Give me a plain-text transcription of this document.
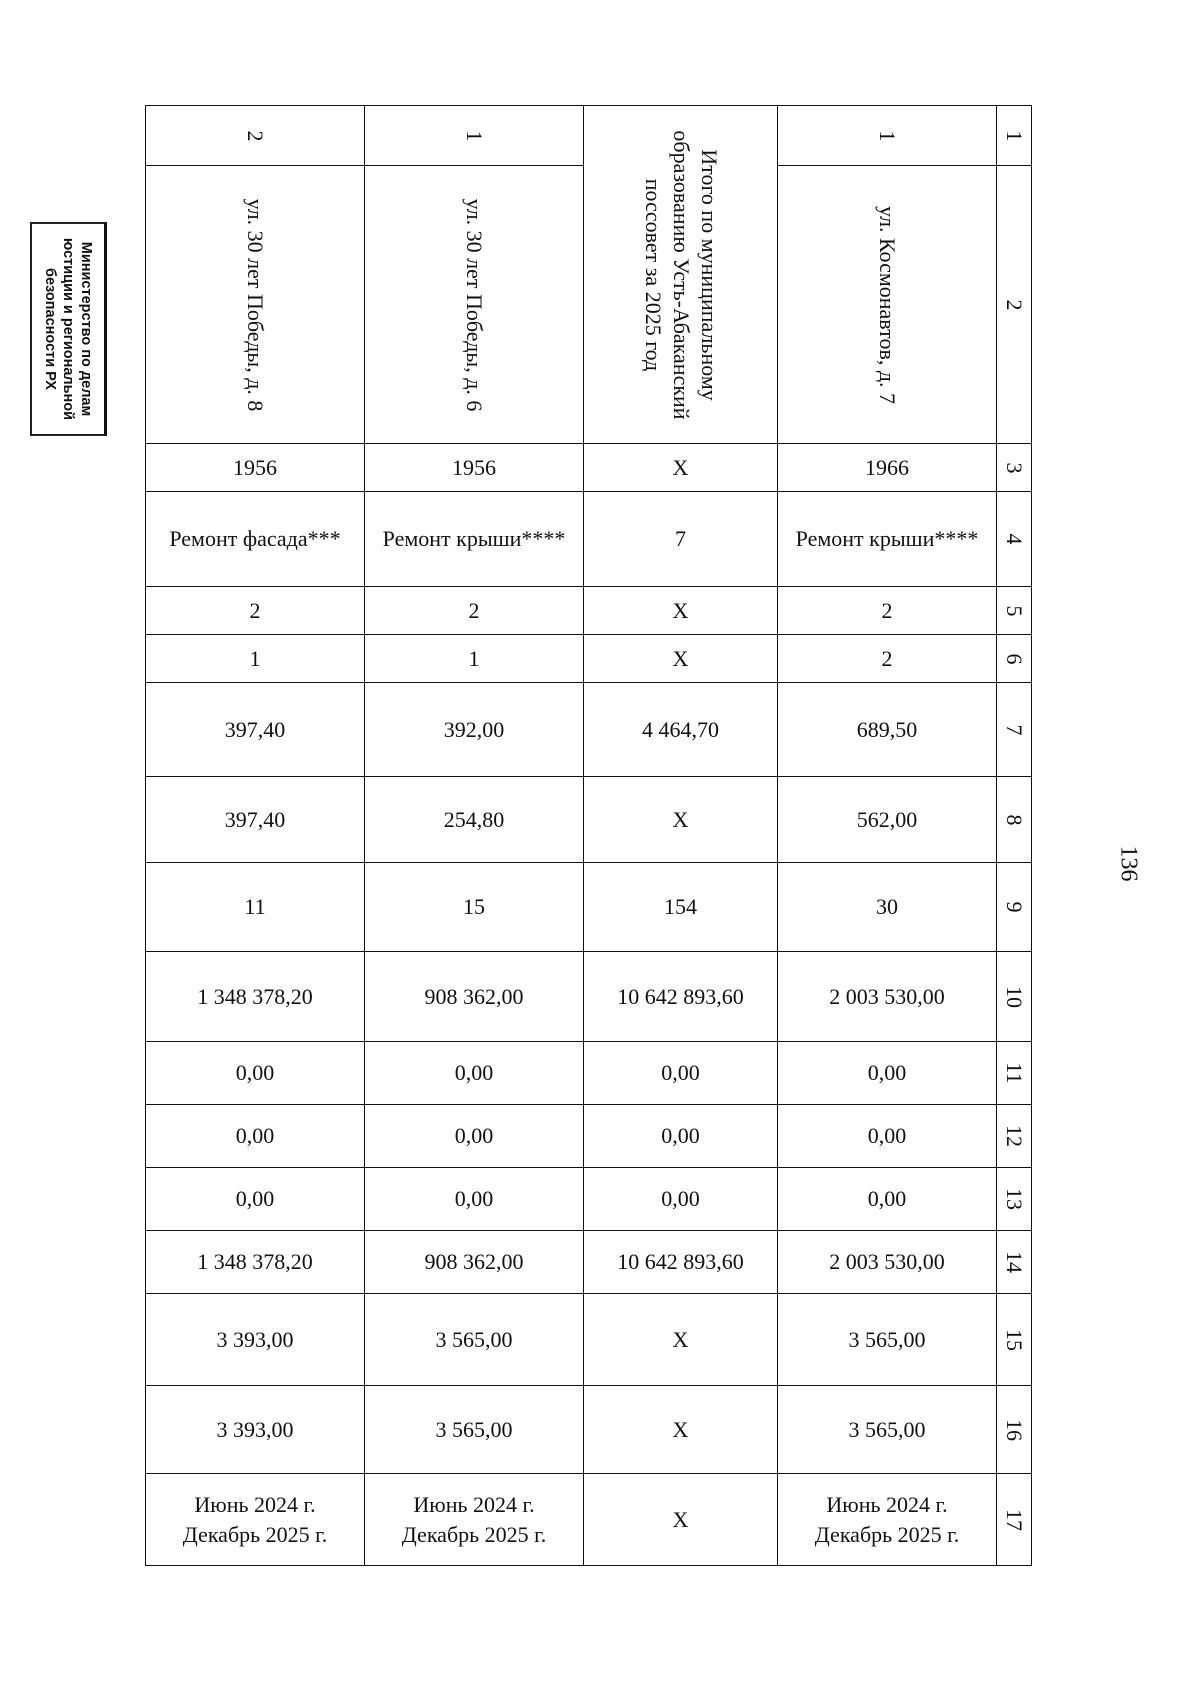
136
Министерство по делам
юстиции и региональной
безопасности РХ
2	1	Итого по муниципальному
образованию Усть-Абаканский
поссовет за 2025 год	1	1

ул. 30 лет Победы, д. 8	ул. 30 лет Победы, д. 6		ул. Космонавтов, д. 7	2

1956	1956	X	1966	3

Ремонт фасада***	Ремонт крыши****	7	Ремонт крыши****	4

2	2	X	2	5

1	1	X	2	6

397,40	392,00	4 464,70	689,50	7

397,40	254,80	X	562,00	8

11	15	154	30	9

1 348 378,20	908 362,00	10 642 893,60	2 003 530,00	10

0,00	0,00	0,00	0,00	11

0,00	0,00	0,00	0,00	12

0,00	0,00	0,00	0,00	13

1 348 378,20	908 362,00	10 642 893,60	2 003 530,00	14

3 393,00	3 565,00	X	3 565,00	15

3 393,00	3 565,00	X	3 565,00	16

Июнь 2024 г.
Декабрь 2025 г.	Июнь 2024 г.
Декабрь 2025 г.	X	Июнь 2024 г.
Декабрь 2025 г.	17
